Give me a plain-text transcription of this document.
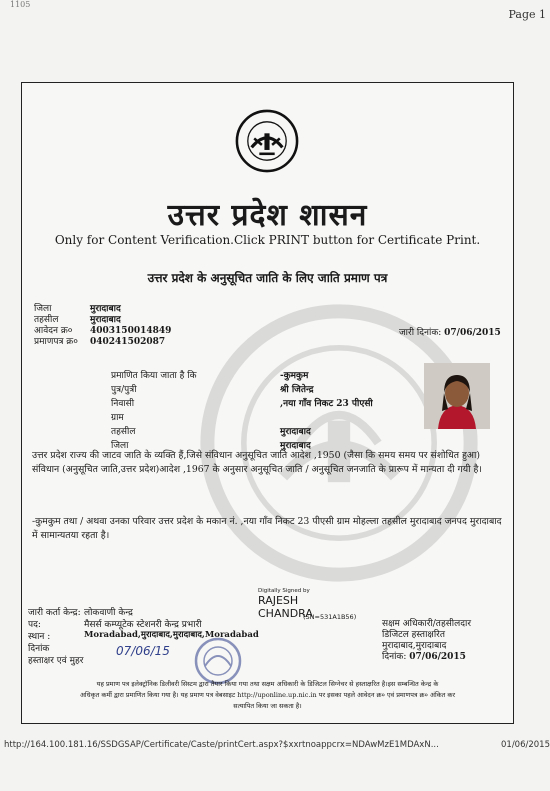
1105
Page 1
उत्तर प्रदेश शासन
Only for Content Verification.Click PRINT button for Certificate Print.
उत्तर प्रदेश के अनुसूचित जाति के लिए जाति प्रमाण पत्र
जिला	मुरादाबाद
तहसील	मुरादाबाद
आवेदन क्र० 4003150014849
प्रमाणपत्र क्र० 040241502087
जारी दिनांक: 07/06/2015
प्रमाणित किया जाता है कि	-कुमकुम
पुत्र/पुत्री	श्री जितेन्द्र
निवासी	,नया गाँव निकट 23 पीएसी
ग्राम
तहसील	मुरादाबाद
जिला	मुरादाबाद
उत्तर प्रदेश राज्य की जाटव जाति के व्यक्ति हैं,जिसे संविधान अनुसूचित जाति आदेश ,1950 (जैसा कि समय समय पर संशोधित हुआ) संविधान (अनुसूचित जाति,उत्तर प्रदेश)आदेश ,1967 के अनुसार अनुसूचित जाति / अनुसूचित जनजाति के प्रारूप में मान्यता दी गयी है।
-कुमकुम तथा / अथवा उनका परिवार उत्तर प्रदेश के मकान नं. ,नया गाँव निकट 23 पीएसी ग्राम मोहल्ला तहसील मुरादाबाद जनपद मुरादाबाद में सामान्यतया रहता है।
जारी कर्ता केन्द्र: लोकवाणी केन्द्र
पद:	मैसर्स कम्प्यूटेक स्टेशनरी केन्द्र प्रभारी
स्थान :	Moradabad,मुरादाबाद,मुरादाबाद,Moradabad
दिनांक
हस्ताक्षर एवं मुहर
07/06/15
Digitally Signed by
RAJESH
CHANDRA
(SN=531A1B56)
सक्षम अधिकारी/तहसीलदार
डिजिटल हस्ताक्षरित
मुरादाबाद,मुरादाबाद
दिनांक: 07/06/2015
यह प्रमाण पत्र इलेक्ट्रॉनिक डिलीवरी सिस्टम द्वारा तैयार किया गया तथा सक्षम अधिकारी के डिजिटल सिग्नेचर से हस्ताक्षरित है।इस सम्बन्धित केन्द्र के
अधिकृत कर्मी द्वारा प्रमाणित किया गया है। यह प्रमाण पत्र वेबसाइट http://uponline.up.nic.in पर इसका पहले आवेदन क्र० एवं प्रमाणपत्र क्र० अंकित कर
सत्यापित किया जा सकता है।
http://164.100.181.16/SSDGSAP/Certificate/Caste/printCert.aspx?$xxrtnoappcrx=NDAwMzE1MDAxN...	01/06/2015
